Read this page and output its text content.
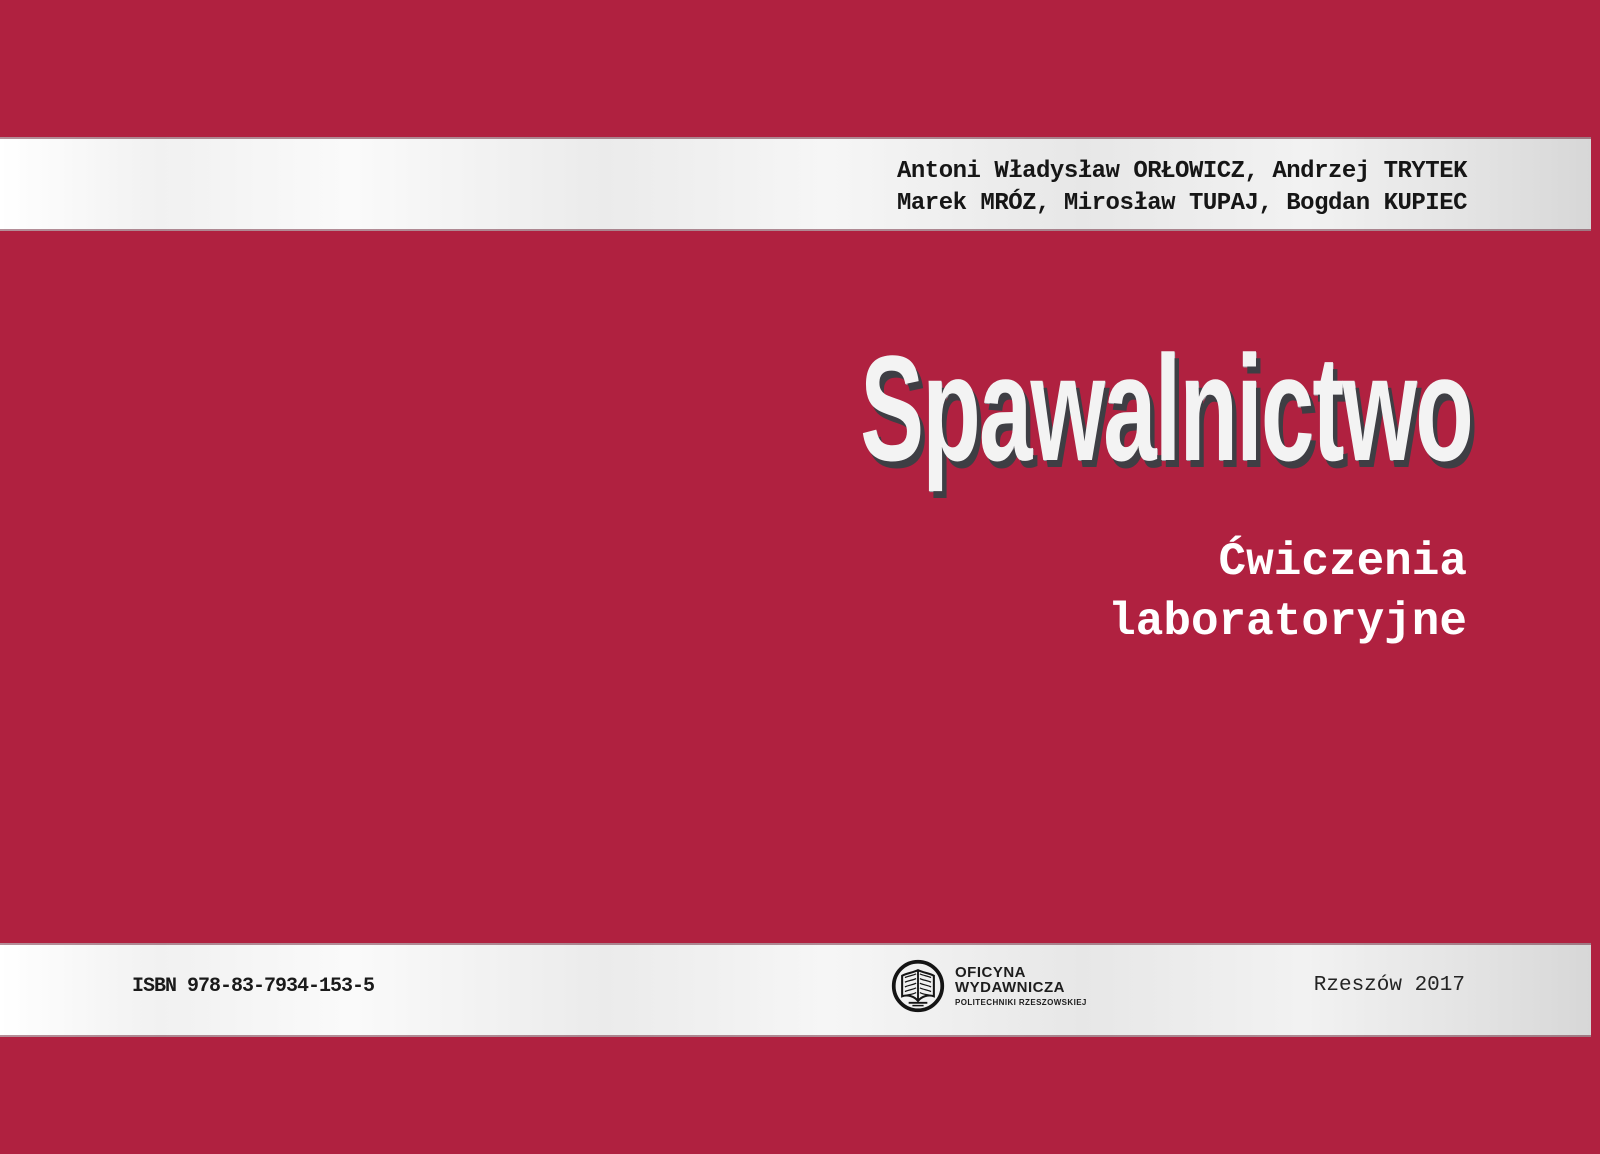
Antoni Władysław ORŁOWICZ, Andrzej TRYTEK
Marek MRÓZ, Mirosław TUPAJ, Bogdan KUPIEC
Spawalnictwo
Ćwiczenia
laboratoryjne
ISBN 978-83-7934-153-5
OFICYNA
WYDAWNICZA
POLITECHNIKI RZESZOWSKIEJ
Rzeszów 2017
